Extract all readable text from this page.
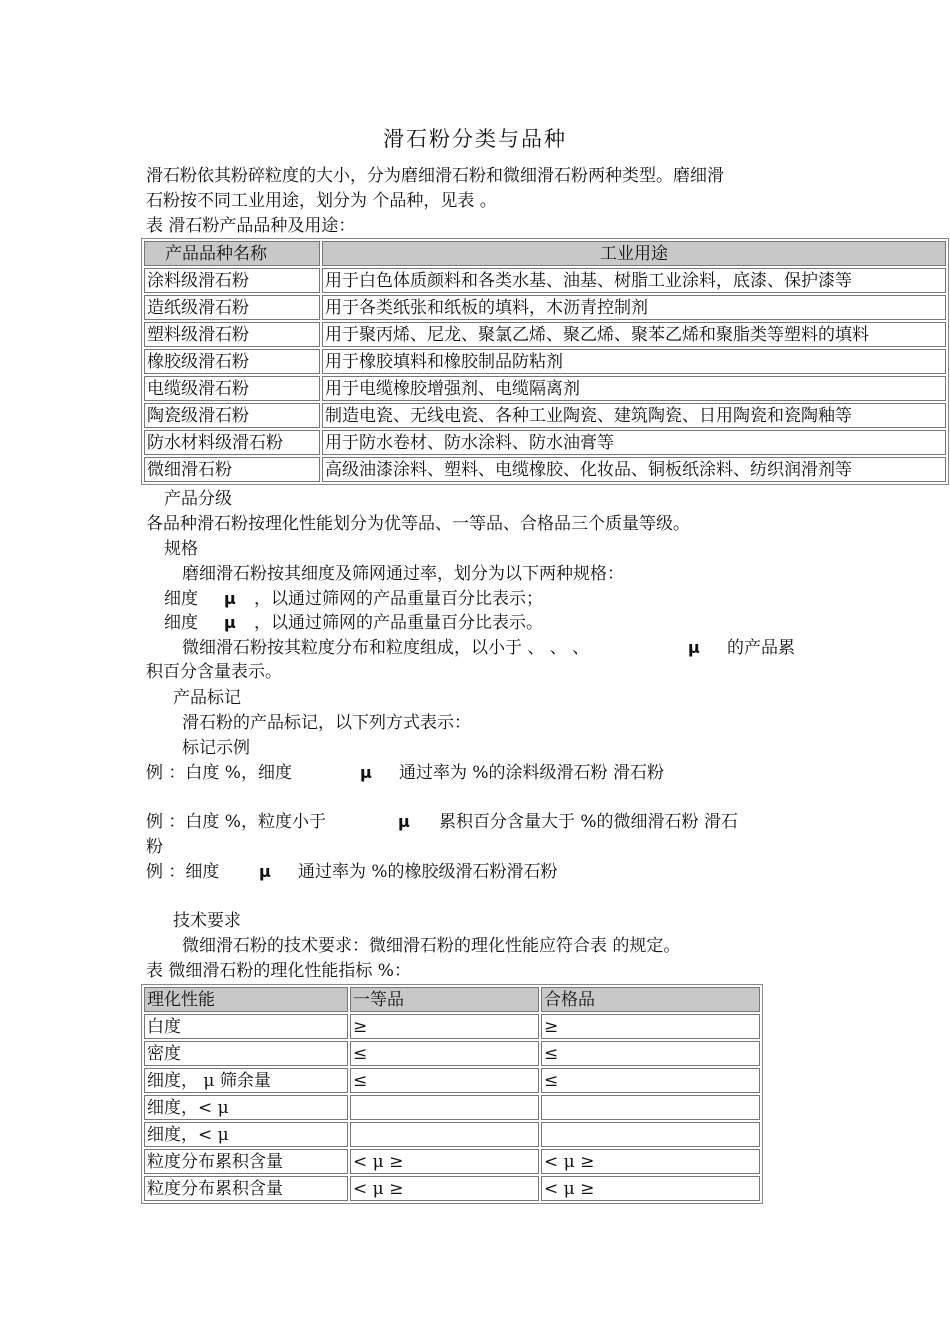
滑石粉分类与品种
滑石粉依其粉碎粒度的大小，分为磨细滑石粉和微细滑石粉两种类型。磨细滑
石粉按不同工业用途，划分为 个品种，见表 。
表 滑石粉产品品种及用途：
产品品种名称	工业用途
涂料级滑石粉	用于白色体质颜料和各类水基、油基、树脂工业涂料，底漆、保护漆等
造纸级滑石粉	用于各类纸张和纸板的填料，木沥青控制剂
塑料级滑石粉	用于聚丙烯、尼龙、聚氯乙烯、聚乙烯、聚苯乙烯和聚脂类等塑料的填料
橡胶级滑石粉	用于橡胶填料和橡胶制品防粘剂
电缆级滑石粉	用于电缆橡胶增强剂、电缆隔离剂
陶瓷级滑石粉	制造电瓷、无线电瓷、各种工业陶瓷、建筑陶瓷、日用陶瓷和瓷陶釉等
防水材料级滑石粉	用于防水卷材、防水涂料、防水油膏等
微细滑石粉	高级油漆涂料、塑料、电缆橡胶、化妆品、铜板纸涂料、纺织润滑剂等
产品分级
各品种滑石粉按理化性能划分为优等品、一等品、合格品三个质量等级。
规格
磨细滑石粉按其细度及筛网通过率，划分为以下两种规格：
细度 μ ，以通过筛网的产品重量百分比表示；
细度 μ ，以通过筛网的产品重量百分比表示。
微细滑石粉按其粒度分布和粒度组成，以小于 、 、 、	μ 的产品累
积百分含量表示。
产品标记
滑石粉的产品标记，以下列方式表示：
标记示例
例 ：白度 %，细度	μ 通过率为 %的涂料级滑石粉 滑石粉
例 ：白度 %，粒度小于	μ 累积百分含量大于 %的微细滑石粉 滑石
粉
例 ：细度 μ 通过率为 %的橡胶级滑石粉滑石粉
技术要求
微细滑石粉的技术要求：微细滑石粉的理化性能应符合表 的规定。
表 微细滑石粉的理化性能指标 %：
理化性能	一等品	合格品
白度	≥	≥
密度	≤	≤
细度， μ 筛余量	≤	≤
细度，< μ		
细度，< μ		
粒度分布累积含量	< μ ≥	< μ ≥
粒度分布累积含量	< μ ≥	< μ ≥
